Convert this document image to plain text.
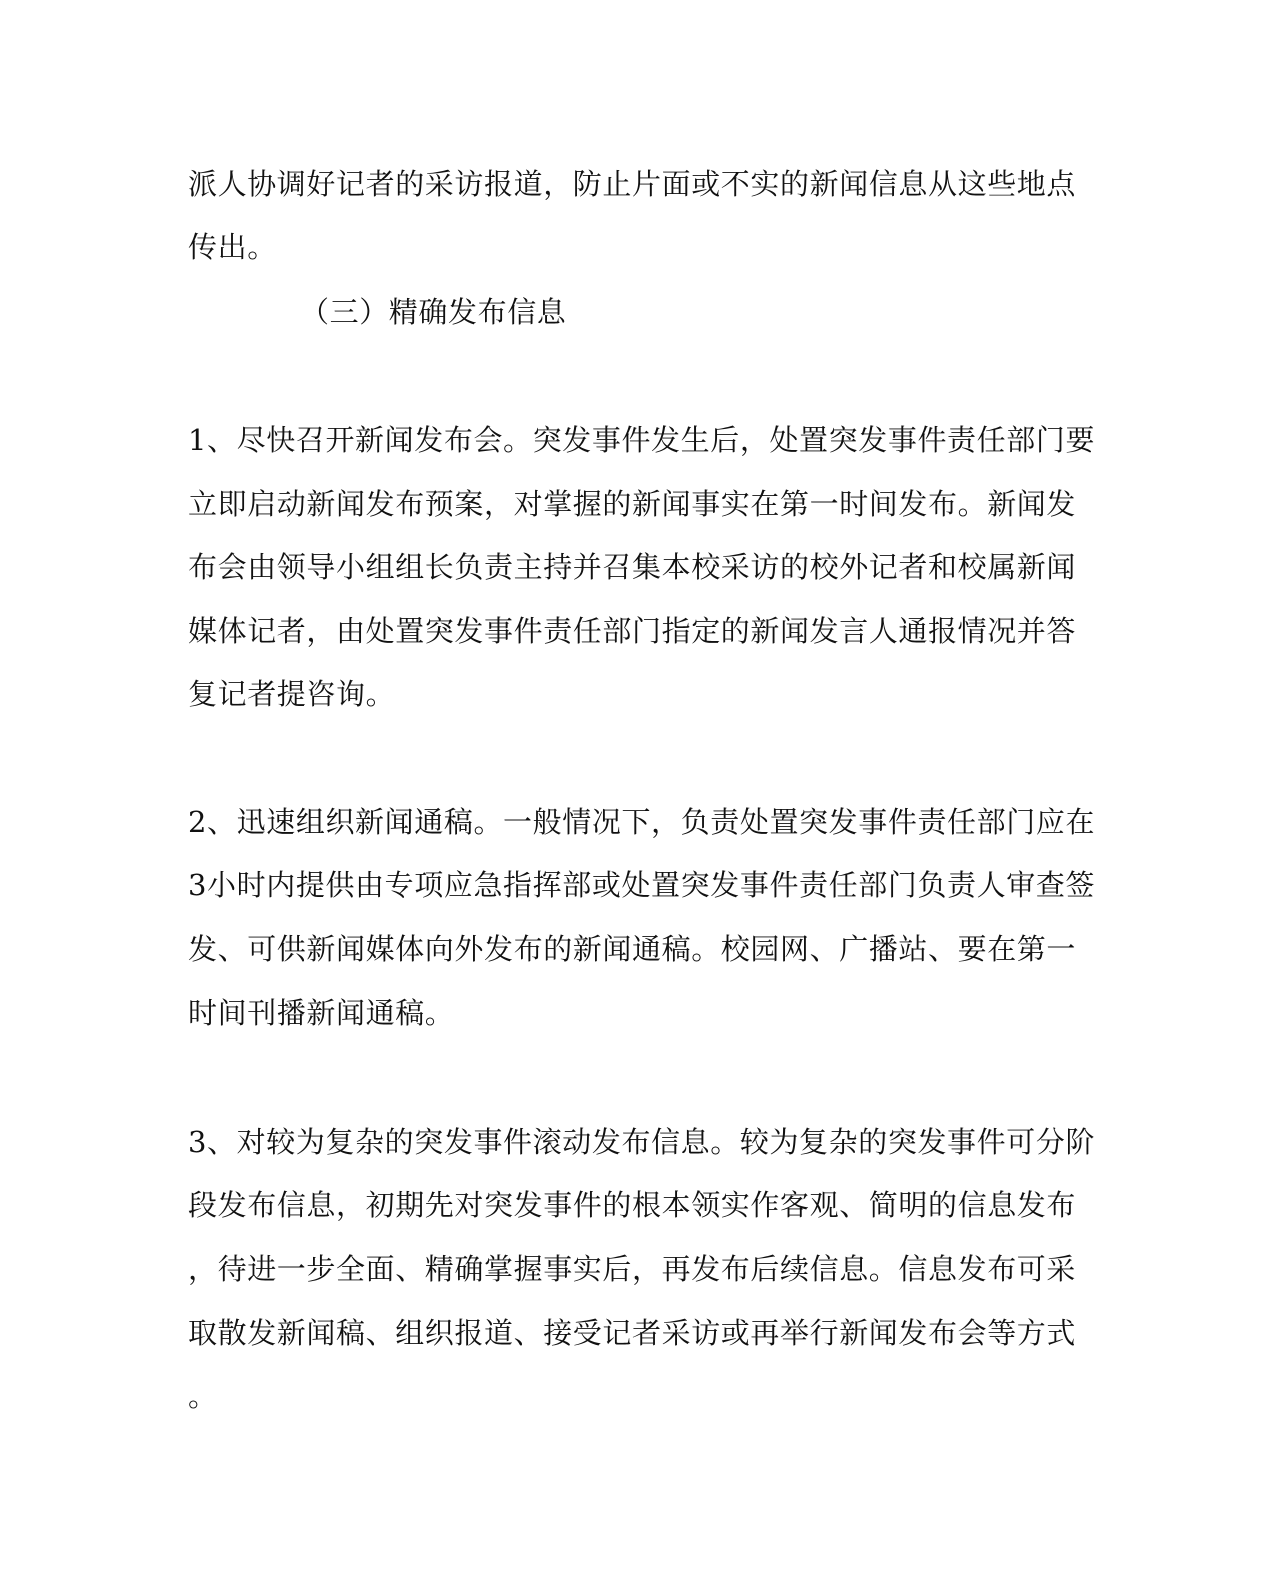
派人协调好记者的采访报道，防止片面或不实的新闻信息从这些地点
传出。
（三）精确发布信息
1、尽快召开新闻发布会。突发事件发生后，处置突发事件责任部门要
立即启动新闻发布预案，对掌握的新闻事实在第一时间发布。新闻发
布会由领导小组组长负责主持并召集本校采访的校外记者和校属新闻
媒体记者，由处置突发事件责任部门指定的新闻发言人通报情况并答
复记者提咨询。
2、迅速组织新闻通稿。一般情况下，负责处置突发事件责任部门应在
3小时内提供由专项应急指挥部或处置突发事件责任部门负责人审查签
发、可供新闻媒体向外发布的新闻通稿。校园网、广播站、要在第一
时间刊播新闻通稿。
3、对较为复杂的突发事件滚动发布信息。较为复杂的突发事件可分阶
段发布信息，初期先对突发事件的根本领实作客观、简明的信息发布
，待进一步全面、精确掌握事实后，再发布后续信息。信息发布可采
取散发新闻稿、组织报道、接受记者采访或再举行新闻发布会等方式
。
